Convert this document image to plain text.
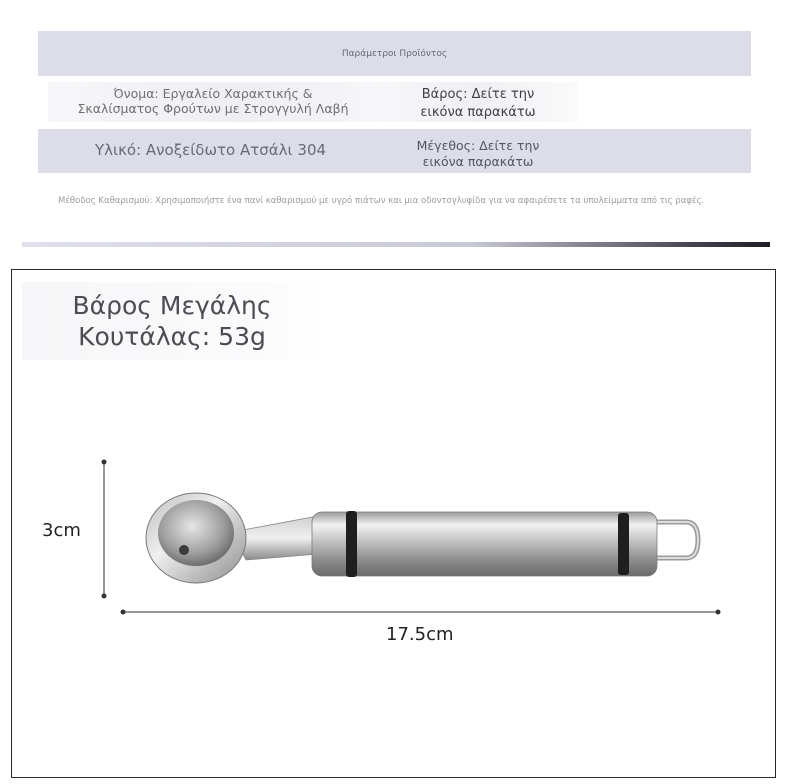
Παράμετροι Προϊόντος
Όνομα: Εργαλείο Χαρακτικής &
Σκαλίσματος Φρούτων με Στρογγυλή Λαβή
Βάρος: Δείτε την
εικόνα παρακάτω
Υλικό: Ανοξείδωτο Ατσάλι 304	Μέγεθος: Δείτε την
εικόνα παρακάτω
Μέθοδος Καθαρισμού: Χρησιμοποιήστε ένα πανί καθαρισμού με υγρό πιάτων και μια οδοντογλυφίδα για να αφαιρέσετε τα υπολείμματα από τις ραφές.
Βάρος Μεγάλης
Κουτάλας: 53g
3cm
17.5cm
